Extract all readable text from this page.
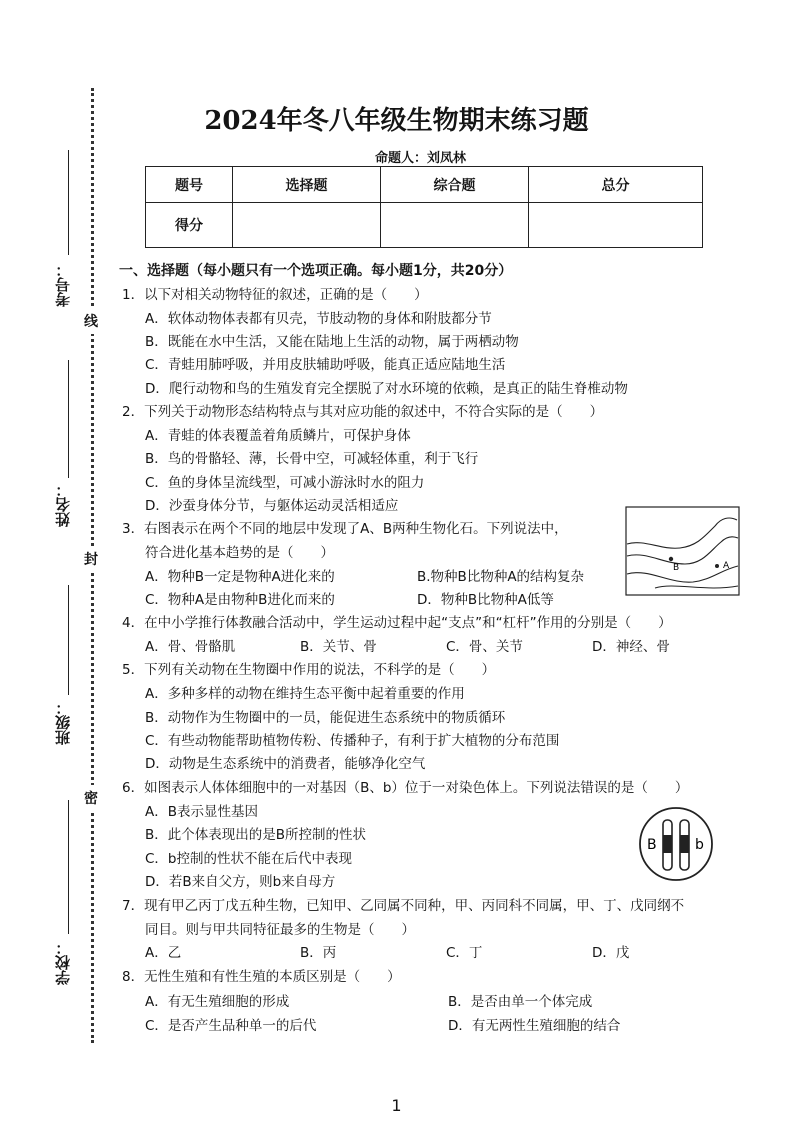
考号：
姓名：
班级：
学校：
线
封
密
2024年冬八年级生物期末练习题
命题人：刘凤林
题号	选择题	综合题	总分
得分			
一、选择题（每小题只有一个选项正确。每小题1分，共20分）
1．以下对相关动物特征的叙述，正确的是（　　）
A．软体动物体表都有贝壳，节肢动物的身体和附肢都分节
B．既能在水中生活，又能在陆地上生活的动物，属于两栖动物
C．青蛙用肺呼吸，并用皮肤辅助呼吸，能真正适应陆地生活
D．爬行动物和鸟的生殖发育完全摆脱了对水环境的依赖，是真正的陆生脊椎动物
2．下列关于动物形态结构特点与其对应功能的叙述中，不符合实际的是（　　）
A．青蛙的体表覆盖着角质鳞片，可保护身体
B．鸟的骨骼轻、薄，长骨中空，可减轻体重，利于飞行
C．鱼的身体呈流线型，可减小游泳时水的阻力
D．沙蚕身体分节，与躯体运动灵活相适应
3．右图表示在两个不同的地层中发现了A、B两种生物化石。下列说法中，
符合进化基本趋势的是（　　）
A．物种B一定是物种A进化来的	B.物种B比物种A的结构复杂
C．物种A是由物种B进化而来的	D．物种B比物种A低等
B	A
4．在中小学推行体教融合活动中，学生运动过程中起“支点”和“杠杆”作用的分别是（　　）
A．骨、骨骼肌	B．关节、骨	C．骨、关节	D．神经、骨
5．下列有关动物在生物圈中作用的说法，不科学的是（　　）
A．多种多样的动物在维持生态平衡中起着重要的作用
B．动物作为生物圈中的一员，能促进生态系统中的物质循环
C．有些动物能帮助植物传粉、传播种子，有利于扩大植物的分布范围
D．动物是生态系统中的消费者，能够净化空气
6．如图表示人体体细胞中的一对基因（B、b）位于一对染色体上。下列说法错误的是（　　）
A．B表示显性基因
B．此个体表现出的是B所控制的性状
C．b控制的性状不能在后代中表现
D．若B来自父方，则b来自母方
B	b
7．现有甲乙丙丁戊五种生物，已知甲、乙同属不同种，甲、丙同科不同属，甲、丁、戊同纲不
同目。则与甲共同特征最多的生物是（　　）
A．乙	B．丙	C．丁	D．戊
8．无性生殖和有性生殖的本质区别是（　　）
A．有无生殖细胞的形成	B．是否由单一个体完成
C．是否产生品种单一的后代	D．有无两性生殖细胞的结合
1
